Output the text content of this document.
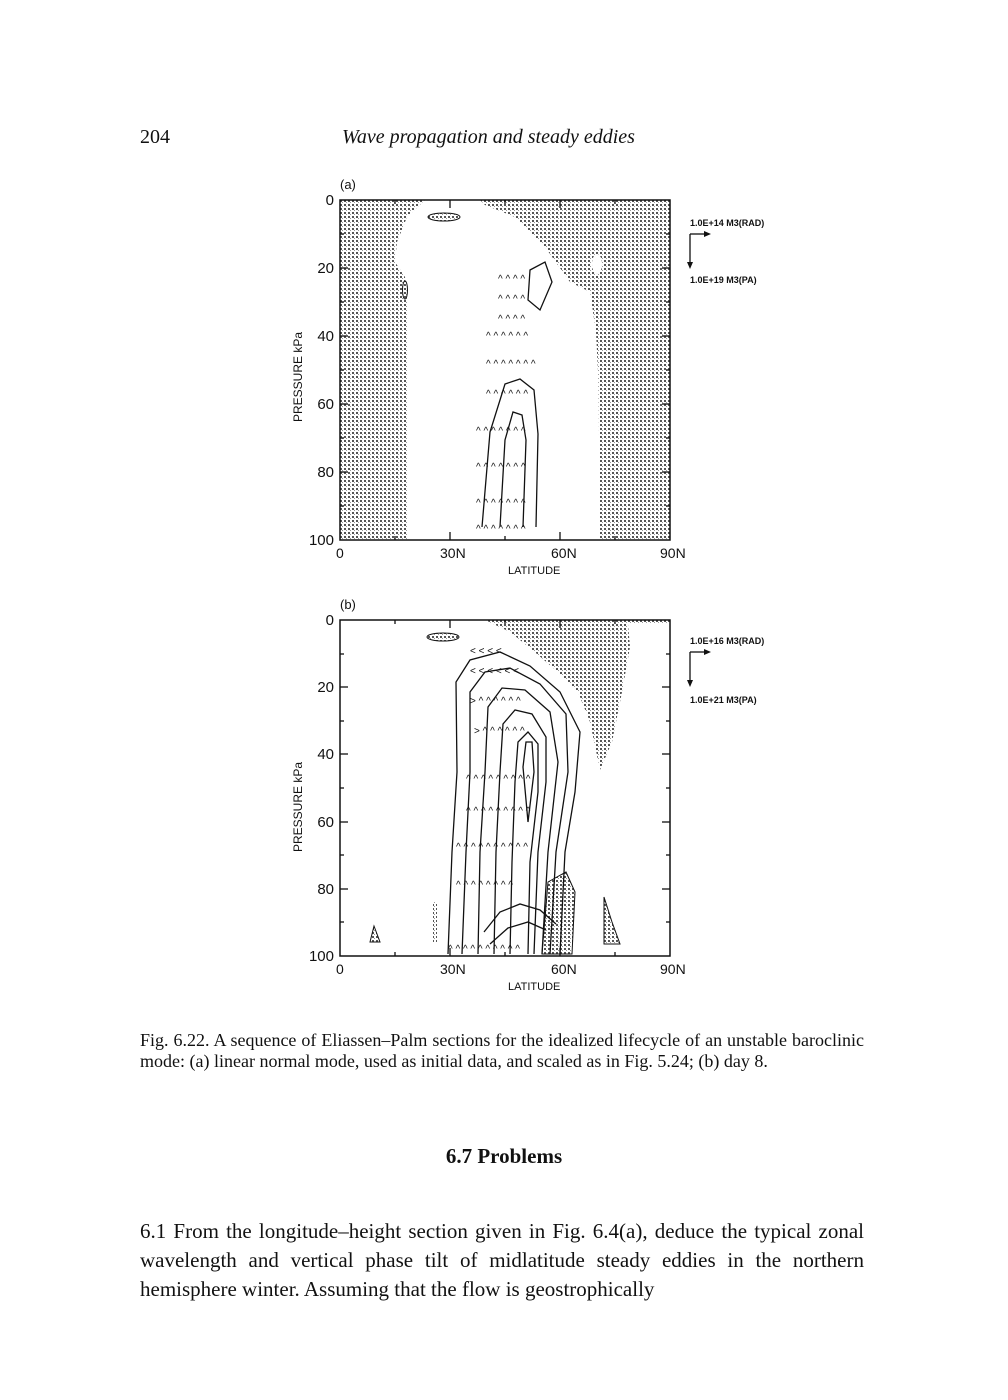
204	Wave propagation and steady eddies
^ ^ ^ ^
^ ^ ^ ^
^ ^ ^ ^
^ ^ ^ ^ ^ ^
^ ^ ^ ^ ^ ^ ^
^ ^ ^ ^ ^ ^
^ ^ ^ ^ ^ ^ ^
^ ^ ^ ^ ^ ^ ^
^ ^ ^ ^ ^ ^ ^
^ ^ ^ ^ ^ ^ ^
0
20
40
60
80
100
0	30N	60N	90N
LATITUDE
PRESSURE kPa
(a)
1.0E+14 M3(RAD)
1.0E+19 M3(PA)
< < < <
< < < < < <
> ^ ^ ^ ^ ^ ^
> ^ ^ ^ ^ ^ ^
^ ^ ^ ^ ^ ^ ^ ^ ^
^ ^ ^ ^ ^ ^ ^ ^ ^
^ ^ ^ ^ ^ ^ ^ ^ ^ ^
^ ^ ^ ^ ^ ^ ^ ^
^ ^ ^ ^ ^ ^ ^ ^ ^ ^
0
20
40
60
80
100
0	30N	60N	90N
LATITUDE
PRESSURE kPa
(b)
1.0E+16 M3(RAD)
1.0E+21 M3(PA)

Fig. 6.22. A sequence of Eliassen–Palm sections for the idealized lifecycle of an unstable baroclinic mode: (a) linear normal mode, used as initial data, and scaled as in Fig. 5.24; (b) day 8.

6.7 Problems

6.1 From the longitude–height section given in Fig. 6.4(a), deduce the typical zonal wavelength and vertical phase tilt of midlatitude steady eddies in the northern hemisphere winter. Assuming that the flow is geostrophically
